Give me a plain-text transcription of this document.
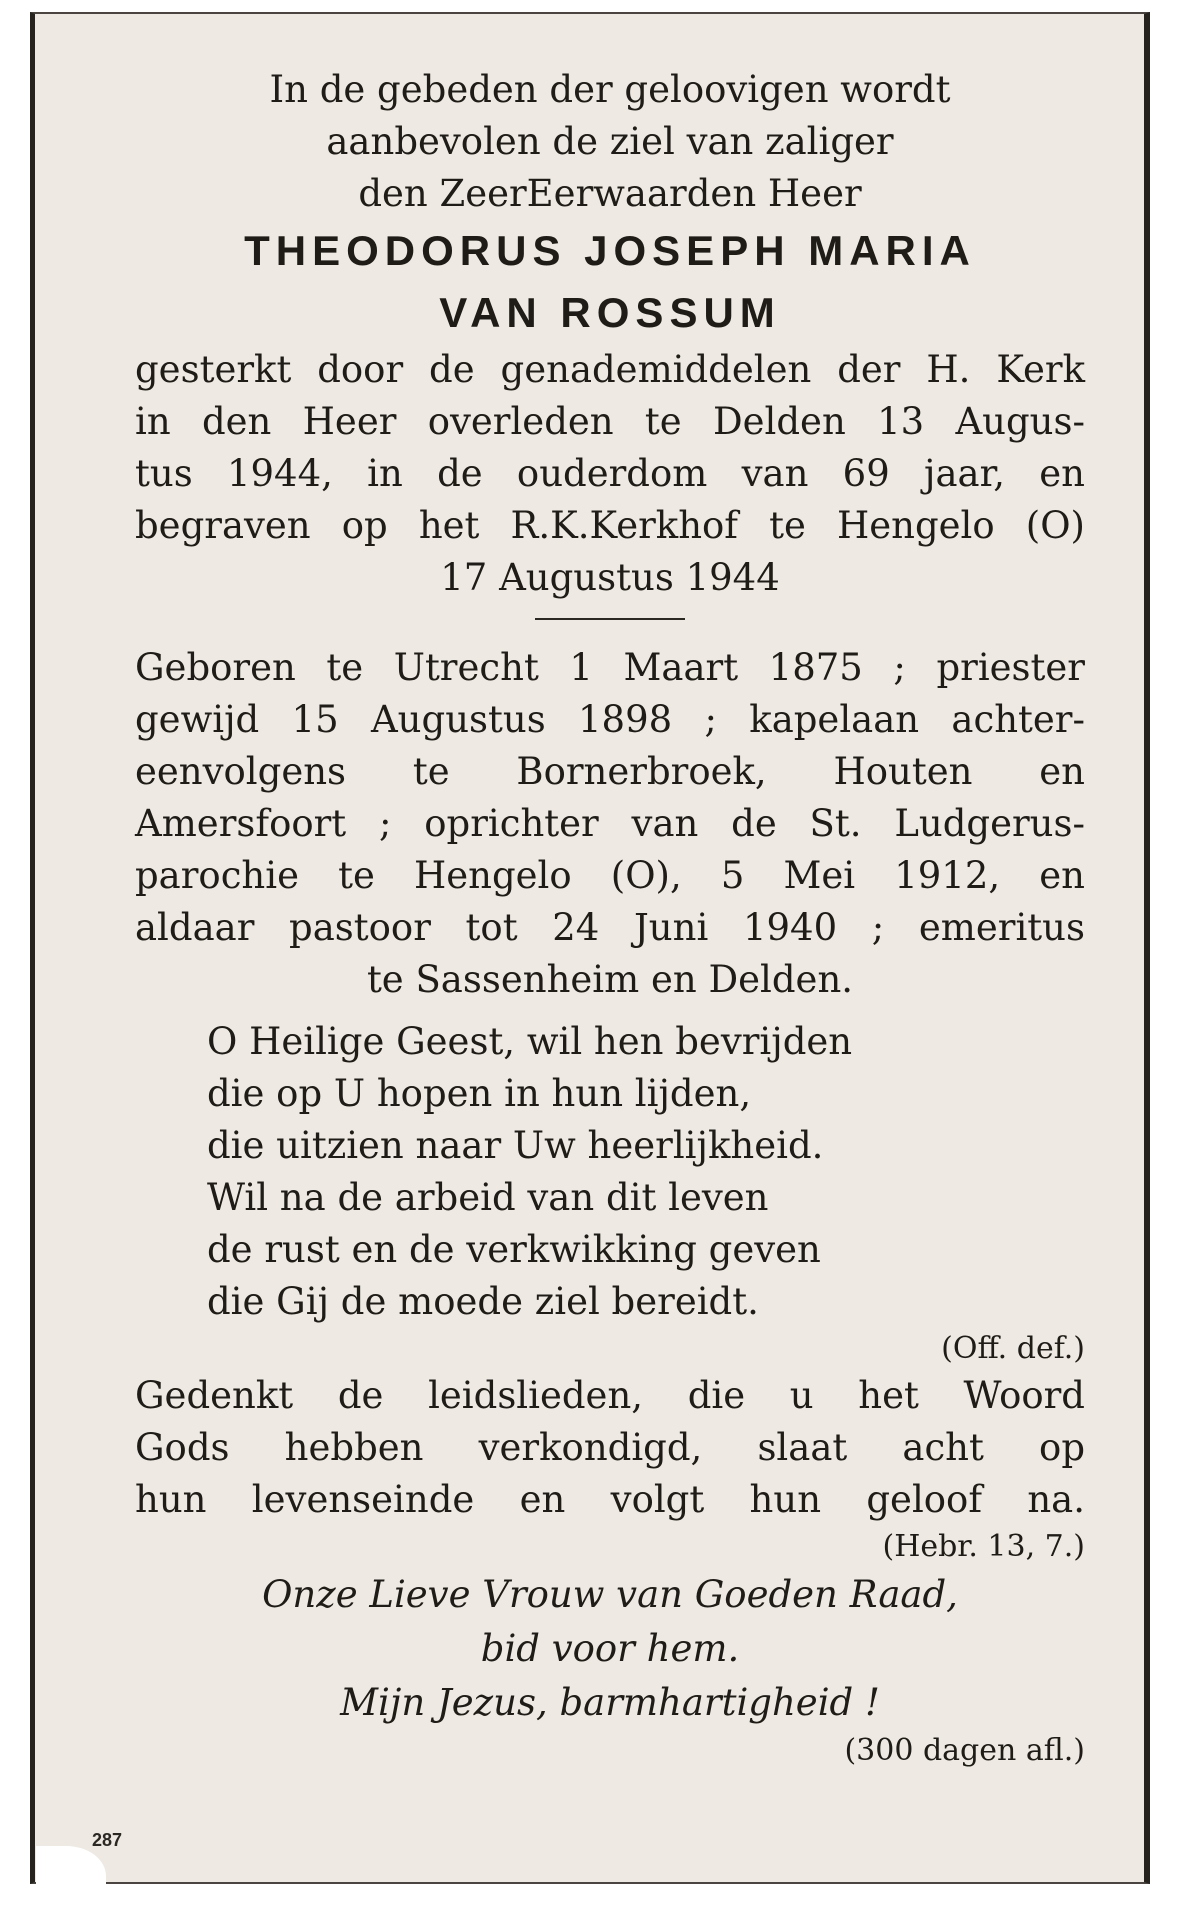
In de gebeden der geloovigen wordt
aanbevolen de ziel van zaliger
den ZeerEerwaarden Heer
THEODORUS JOSEPH MARIA
VAN ROSSUM
gesterkt door de genademiddelen der H. Kerk
in den Heer overleden te Delden 13 Augus-
tus 1944, in de ouderdom van 69 jaar, en
begraven op het R.K.Kerkhof te Hengelo (O)
17 Augustus 1944
Geboren te Utrecht 1 Maart 1875 ; priester
gewijd 15 Augustus 1898 ; kapelaan achter-
eenvolgens te Bornerbroek, Houten en
Amersfoort ; oprichter van de St. Ludgerus-
parochie te Hengelo (O), 5 Mei 1912, en
aldaar pastoor tot 24 Juni 1940 ; emeritus
te Sassenheim en Delden.
O Heilige Geest, wil hen bevrijden
die op U hopen in hun lijden,
die uitzien naar Uw heerlijkheid.
Wil na de arbeid van dit leven
de rust en de verkwikking geven
die Gij de moede ziel bereidt.
(Off. def.)
Gedenkt de leidslieden, die u het Woord
Gods hebben verkondigd, slaat acht op
hun levenseinde en volgt hun geloof na.
(Hebr. 13, 7.)
Onze Lieve Vrouw van Goeden Raad,
bid voor hem.
Mijn Jezus, barmhartigheid !
(300 dagen afl.)
287
